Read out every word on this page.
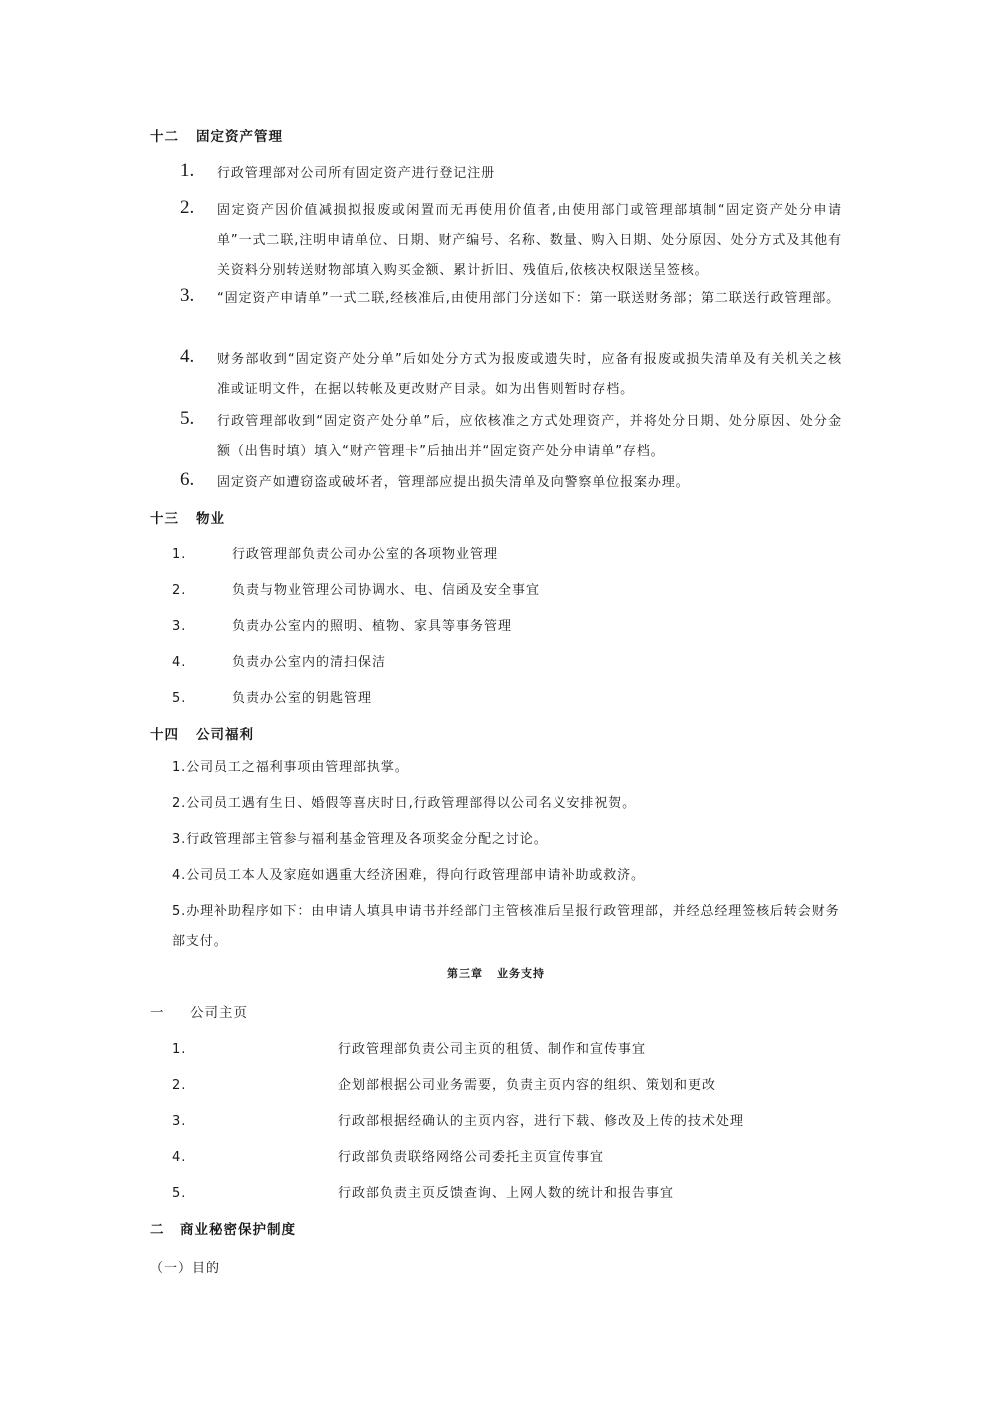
十二 固定资产管理
1. 行政管理部对公司所有固定资产进行登记注册
2. 固定资产因价值减损拟报废或闲置而无再使用价值者,由使用部门或管理部填制“固定资产处分申请单”一式二联,注明申请单位、日期、财产编号、名称、数量、购入日期、处分原因、处分方式及其他有关资料分别转送财物部填入购买金额、累计折旧、残值后,依核决权限送呈签核。
3. “固定资产申请单”一式二联,经核准后,由使用部门分送如下：第一联送财务部；第二联送行政管理部。
4. 财务部收到“固定资产处分单”后如处分方式为报废或遗失时，应备有报废或损失清单及有关机关之核准或证明文件，在据以转帐及更改财产目录。如为出售则暂时存档。
5. 行政管理部收到“固定资产处分单”后，应依核准之方式处理资产，并将处分日期、处分原因、处分金额（出售时填）填入“财产管理卡”后抽出并“固定资产处分申请单”存档。
6. 固定资产如遭窃盗或破坏者，管理部应提出损失清单及向警察单位报案办理。
十三 物业
1.	行政管理部负责公司办公室的各项物业管理
2.	负责与物业管理公司协调水、电、信函及安全事宜
3.	负责办公室内的照明、植物、家具等事务管理
4.	负责办公室内的清扫保洁
5.	负责办公室的钥匙管理
十四 公司福利
1.公司员工之福利事项由管理部执掌。
2.公司员工遇有生日、婚假等喜庆时日,行政管理部得以公司名义安排祝贺。
3.行政管理部主管参与福利基金管理及各项奖金分配之讨论。
4.公司员工本人及家庭如遇重大经济困难，得向行政管理部申请补助或救济。
5.办理补助程序如下：由申请人填具申请书并经部门主管核准后呈报行政管理部，并经总经理签核后转会财务部支付。
第三章 业务支持
一 公司主页
1.	行政管理部负责公司主页的租赁、制作和宣传事宜
2.	企划部根据公司业务需要，负责主页内容的组织、策划和更改
3.	行政部根据经确认的主页内容，进行下载、修改及上传的技术处理
4.	行政部负责联络网络公司委托主页宣传事宜
5.	行政部负责主页反馈查询、上网人数的统计和报告事宜
二 商业秘密保护制度
（一）目的
